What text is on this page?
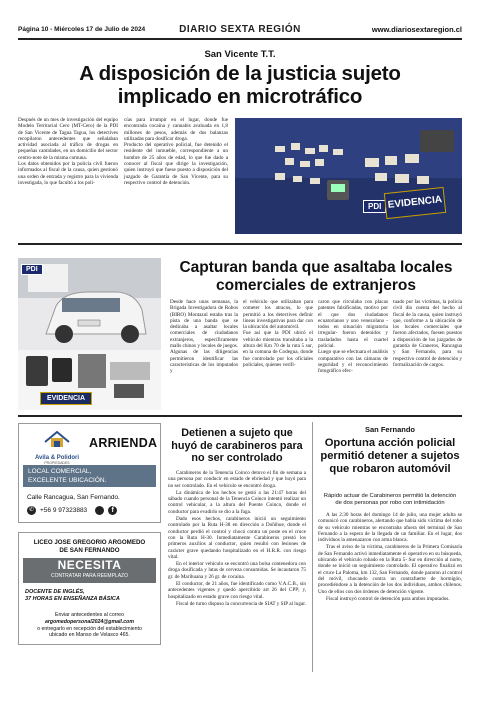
Página 10 - Miércoles 17 de Julio de 2024	DIARIO SEXTA REGIÓN	www.diariosextaregion.cl
San Vicente T.T.
A disposición de la justicia sujeto implicado en microtráfico

Después de un mes de investigación del equipo Modelo Territorial Cero (MT-Cero) de la PDI de San Vicente de Tagua Tagua, los detectives recopilaron antecedentes que señalaban actividad asociada al tráfico de drogas en pequeñas cantidades, en un domicilio del sector centro-note de la misma comuna.
Los datos obtenidos por la policía civil fueron informados al fiscal de la causa, quien gestionó una orden de entrada y registro para la vivienda investigada, lo que facultó a los poli-

cías para irrumpir en el lugar, donde fue encontrada cocaína y cannabis avaluada en 1,8 millones de pesos, además de dos balanzas utilizadas para dosificar droga.
Producto del operativo policial, fue detenido el residente del inmueble, correspondiente a un hombre de 25 años de edad, lo que fue dado a conocer al fiscal que dirige la investigación, quien instruyó que fuese puesto a disposición del juzgado de Garantía de San Vicente, para su respectivo control de detención.

PDI EVIDENCIA
PDI
EVIDENCIA
Capturan banda que asaltaba locales comerciales de extranjeros

Desde hace unas semanas, la Brigada Investigadora de Robos (BIRO) Montazul estaba tras la pista de una banda que se dedicaba a asaltar locales comerciales de ciudadanos extranjeros, específicamente malls chinos y locales de juegos.
Algunas de las diligencias permitieron identificar las características de los imputados y

el vehículo que utilizaban para cometer los atracos, lo que permitió a los detectives definir líneas investigativas para dar con la ubicación del automóvil.
Fue así que la PDI ubicó el vehículo mientras transitaba a la altura del Km 70 de la ruta 5 sur, en la comuna de Codegua, donde fue controlado por los oficiales policiales, quienes verifi-

caron que circulaba con placas patentes falsificadas, motivo por el que dos ciudadanos ecuatorianos y uno venezolano -todos en situación migratoria irregular- fueron detenidos y trasladados hasta el cuartel policial.
Luego que se efectuara el análisis comparativo con las cámaras de seguridad y el reconocimiento fotográfico efec-

tuado por las víctimas, la policía civil dio cuenta del hecho al fiscal de la causa, quien instruyó que, conforme a la ubicación de los locales comerciales que fueron afectados, fuesen puestos a disposición de los juzgados de garantía de Graneros, Rancagua y San Fernando, para su respectivo control de detención y formalización de cargos.

Avila & Polidori
PROPIEDADES
ARRIENDA
LOCAL COMERCIAL,
EXCELENTE UBICACIÓN.
Calle Rancagua, San Fernando.
✆ +56 9 97323883	f
LICEO JOSE GREGORIO ARGOMEDO
DE SAN FERNANDO
NECESITA
CONTRATAR PARA REEMPLAZO
DOCENTE DE INGLÉS,
37 HORAS EN ENSEÑANZA BÁSICA
Enviar antecedentes al correo
argomedopersonal2024@gmail.com
o entregarlo en recepción del establecimiento
ubicado en Manso de Velasco 465.
Detienen a sujeto que huyó de carabineros para no ser controlado

Carabineros de la Tenencia Coinco detuvo el fin de semana a una persona por conducir en estado de ebriedad y que huyó para no ser controlado. En el vehículo se encontró droga.

La dinámica de los hechos se gestó a las 21:47 horas del sábado cuando personal de la Tenencia Coinco intentó realizar un control vehicular, a la altura del Puente Coinco, donde el conductor para evadirlo se dio a la fuga.

Dado esos hechos, carabineros inició un seguimiento controlado por la Ruta H-38 en dirección a Doñihue, donde el conductor perdió el control y chocó contra un poste en el cruce con la Ruta H-30. Inmediatamente Carabineros prestó los primeros auxilios al conductor, quien resultó con lesiones de carácter grave quedando hospitalizado en el H.R.R. con riesgo vital.

En el interior vehículo se encontró una bolsa contenedora con droga dosificada y latas de cerveza consumidas. Se incautaron 75 gr. de Marihuana y 26 gr. de cocaína.

El conductor, de 21 años, fue identificado como V.A.C.B., sin antecedentes vigentes y quedó apercibido art 26 del CPP; y, hospitalizado en estado grave con riesgo vital.

Fiscal de turno dispuso la concurrencia de SIAT y SIP al lugar.

San Fernando
Oportuna acción policial permitió detener a sujetos que robaron automóvil
Rápido actuar de Carabineros permitió la detención de dos personas por robo con intimidación

A las 2:30 horas del domingo 14 de julio, una mujer adulta se comunicó con carabineros, alertando que había sido víctima del robo de su vehículo mientras se encontraba afuera del terminal de San Fernando a la espera de la llegada de un familiar. En el lugar, dos individuos la amenazaron con arma blanca.

Tras el aviso de la víctima, carabineros de la Primera Comisaría de San Fernando activó inmediatamente el operativo en su búsqueda, ubicando el vehículo robado en la Ruta 5- Sur en dirección al norte, donde se inició un seguimiento controlado. El operativo finalizó en el cruce La Paloma, km 132, San Fernando, donde pararon al control del móvil, chocando contra un contrafuerte de hormigón, procediéndose a la detención de los dos individuos, ambos chilenos. Uno de ellos con dos órdenes de detención vigente.

Fiscal instruyó control de detención para ambos imputados.
